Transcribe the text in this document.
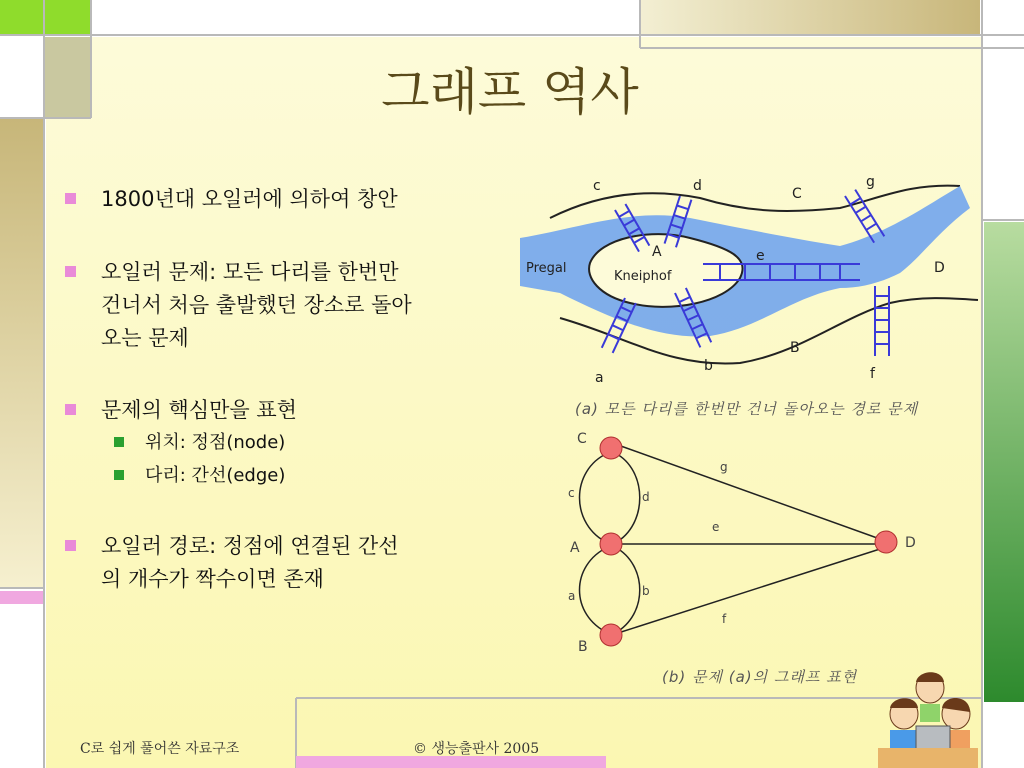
그래프 역사
1800년대 오일러에 의하여 창안
오일러 문제: 모든 다리를 한번만
건너서 처음 출발했던 장소로 돌아
오는 문제
문제의 핵심만을 표현
위치: 정점(node)
다리: 간선(edge)
오일러 경로: 정점에 연결된 간선
의 개수가 짝수이면 존재
c	d	g
e
a
b	f
A
B
C
D
Pregal
Kneiphof
(a) 모든 다리를 한번만 건너 돌아오는 경로 문제
C
A
B
D
c	d
a	b
g
e
f
(b) 문제 (a)의 그래프 표현
C로 쉽게 풀어쓴 자료구조	© 생능출판사 2005
